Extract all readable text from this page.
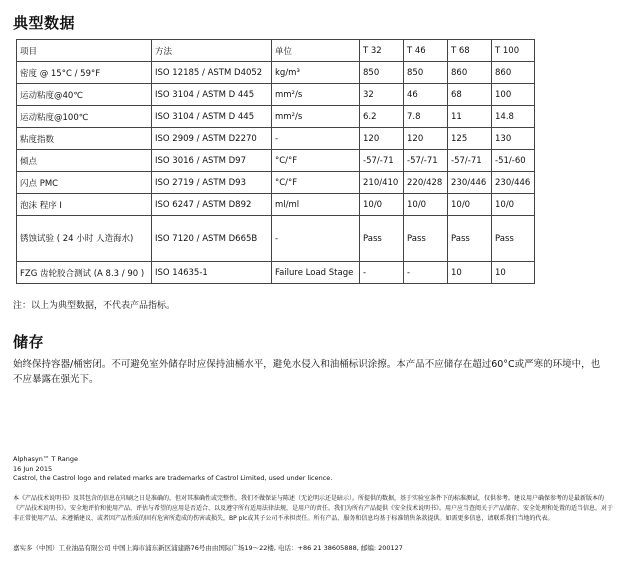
典型数据
项目	方法	单位	T 32	T 46	T 68	T 100
密度 @ 15°C / 59°F	ISO 12185 / ASTM D4052	kg/m³	850	850	860	860
运动粘度@40℃	ISO 3104 / ASTM D 445	mm²/s	32	46	68	100
运动粘度@100℃	ISO 3104 / ASTM D 445	mm²/s	6.2	7.8	11	14.8
粘度指数	ISO 2909 / ASTM D2270	-	120	120	125	130
倾点	ISO 3016 / ASTM D97	°C/°F	-57/-71	-57/-71	-57/-71	-51/-60
闪点 PMC	ISO 2719 / ASTM D93	°C/°F	210/410	220/428	230/446	230/446
泡沫 程序 I	ISO 6247 / ASTM D892	ml/ml	10/0	10/0	10/0	10/0
锈蚀试验 ( 24 小时 人造海水)	ISO 7120 / ASTM D665B	-	Pass	Pass	Pass	Pass
FZG 齿轮胶合测试 (A 8.3 / 90 )	ISO 14635-1	Failure Load Stage	-	-	10	10
注：以上为典型数据，不代表产品指标。
储存
始终保持容器/桶密闭。不可避免室外储存时应保持油桶水平，避免水侵入和油桶标识涂擦。本产品不应储存在超过60°C或严寒的环境中，也不应暴露在强光下。
Alphasyn™ T Range
16 Jun 2015
Castrol, the Castrol logo and related marks are trademarks of Castrol Limited, used under licence.
本《产品技术说明书》及其包含的信息在印刷之日是准确的，但对其准确性或完整性，我们不做保证与陈述（无论明示还是暗示）。所提供的数据，基于实验室条件下的标准测试，仅供参考。建议用户确保参考的是最新版本的《产品技术说明书》。安全地评价和使用产品、评估与希望的应用是否适合、以及遵守所有适用法律法规，是用户的责任。我们为所有产品提供《安全技术说明书》。用户应当查阅关于产品储存、安全处理和处置的适当信息。对于非正常使用产品、未遵循建议、或者因产品性质的固有危害所造成的伤害或损失，BP plc或其子公司不承担责任。所有产品、服务和信息均基于标准销售条款提供。如需更多信息，请联系我们当地的代表。
嘉实多（中国）工业油品有限公司 中国上海市浦东新区浦建路76号由由国际广场19～22楼, 电话：+86 21 38605888, 邮编: 200127
